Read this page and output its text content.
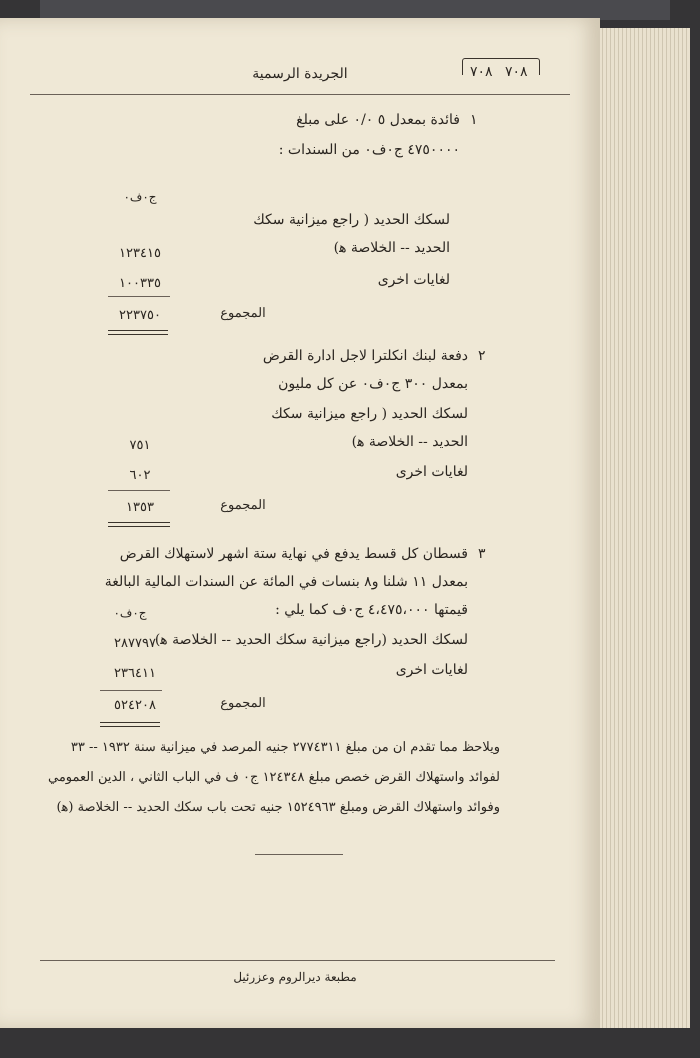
٧٠٨ ٧٠٨
الجريدة الرسمية
١
فائدة بمعدل ٥ ٠/٠ على مبلغ
٤٧٥٠٠٠٠ ج٠ف٠ من السندات :
ج٠ف٠
لسكك الحديد ( راجع ميزانية سكك
الحديد -- الخلاصة ﻫ)
١٢٣٤١٥
لغايات اخرى
١٠٠٣٣٥
المجموع
٢٢٣٧٥٠
٢
دفعة لبنك انكلترا لاجل ادارة القرض
بمعدل ٣٠٠ ج٠ف٠ عن كل مليون
لسكك الحديد ( راجع ميزانية سكك
الحديد -- الخلاصة ﻫ)
٧٥١
لغايات اخرى
٦٠٢
المجموع
١٣٥٣
٣
قسطان كل قسط يدفع في نهاية ستة اشهر لاستهلاك القرض
بمعدل ١١ شلنا و٨ بنسات في المائة عن السندات المالية البالغة
قيمتها ٤،٤٧٥،٠٠٠ ج٠ف كما يلي :
ج٠ف٠
لسكك الحديد (راجع ميزانية سكك الحديد -- الخلاصة ﻫ)
٢٨٧٧٩٧
لغايات اخرى
٢٣٦٤١١
المجموع
٥٢٤٢٠٨
ويلاحظ مما تقدم ان من مبلغ ٢٧٧٤٣١١ جنيه المرصد في ميزانية سنة ١٩٣٢ -- ٣٣
لفوائد واستهلاك القرض خصص مبلغ ١٢٤٣٤٨ ج٠ ف في الباب الثاني ، الدين العمومي
وفوائد واستهلاك القرض ومبلغ ١٥٢٤٩٦٣ جنيه تحت باب سكك الحديد -- الخلاصة (ﻫ)
مطبعة ديرالروم وعزرئيل
